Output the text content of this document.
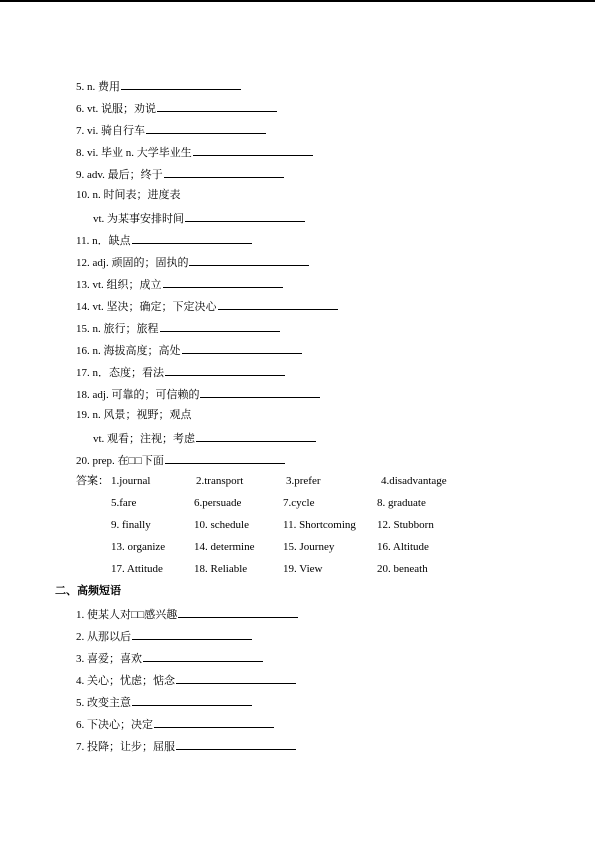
5. n. 费用
6. vt. 说服；劝说
7. vi. 骑自行车
8. vi. 毕业 n. 大学毕业生
9. adv. 最后；终于
10. n. 时间表；进度表
vt. 为某事安排时间
11. n．缺点
12. adj. 顽固的；固执的
13. vt. 组织；成立
14. vt. 坚决；确定；下定决心
15. n. 旅行；旅程
16. n. 海拔高度；高处
17. n．态度；看法
18. adj. 可靠的；可信赖的
19. n. 风景；视野；观点
vt. 观看；注视；考虑
20. prep. 在□□下面
答案： 1.journal	2.transport	3.prefer	4.disadvantage
5.fare	6.persuade	7.cycle	8. graduate
9. finally	10. schedule	11. Shortcoming 12. Stubborn
13. organize	14. determine	15. Journey	16. Altitude
17. Attitude	18. Reliable	19. View	20. beneath
二、高频短语
1. 使某人对□□感兴趣
2. 从那以后
3. 喜爱；喜欢
4. 关心；忧虑；惦念
5. 改变主意
6. 下决心；决定
7. 投降；让步；屈服
